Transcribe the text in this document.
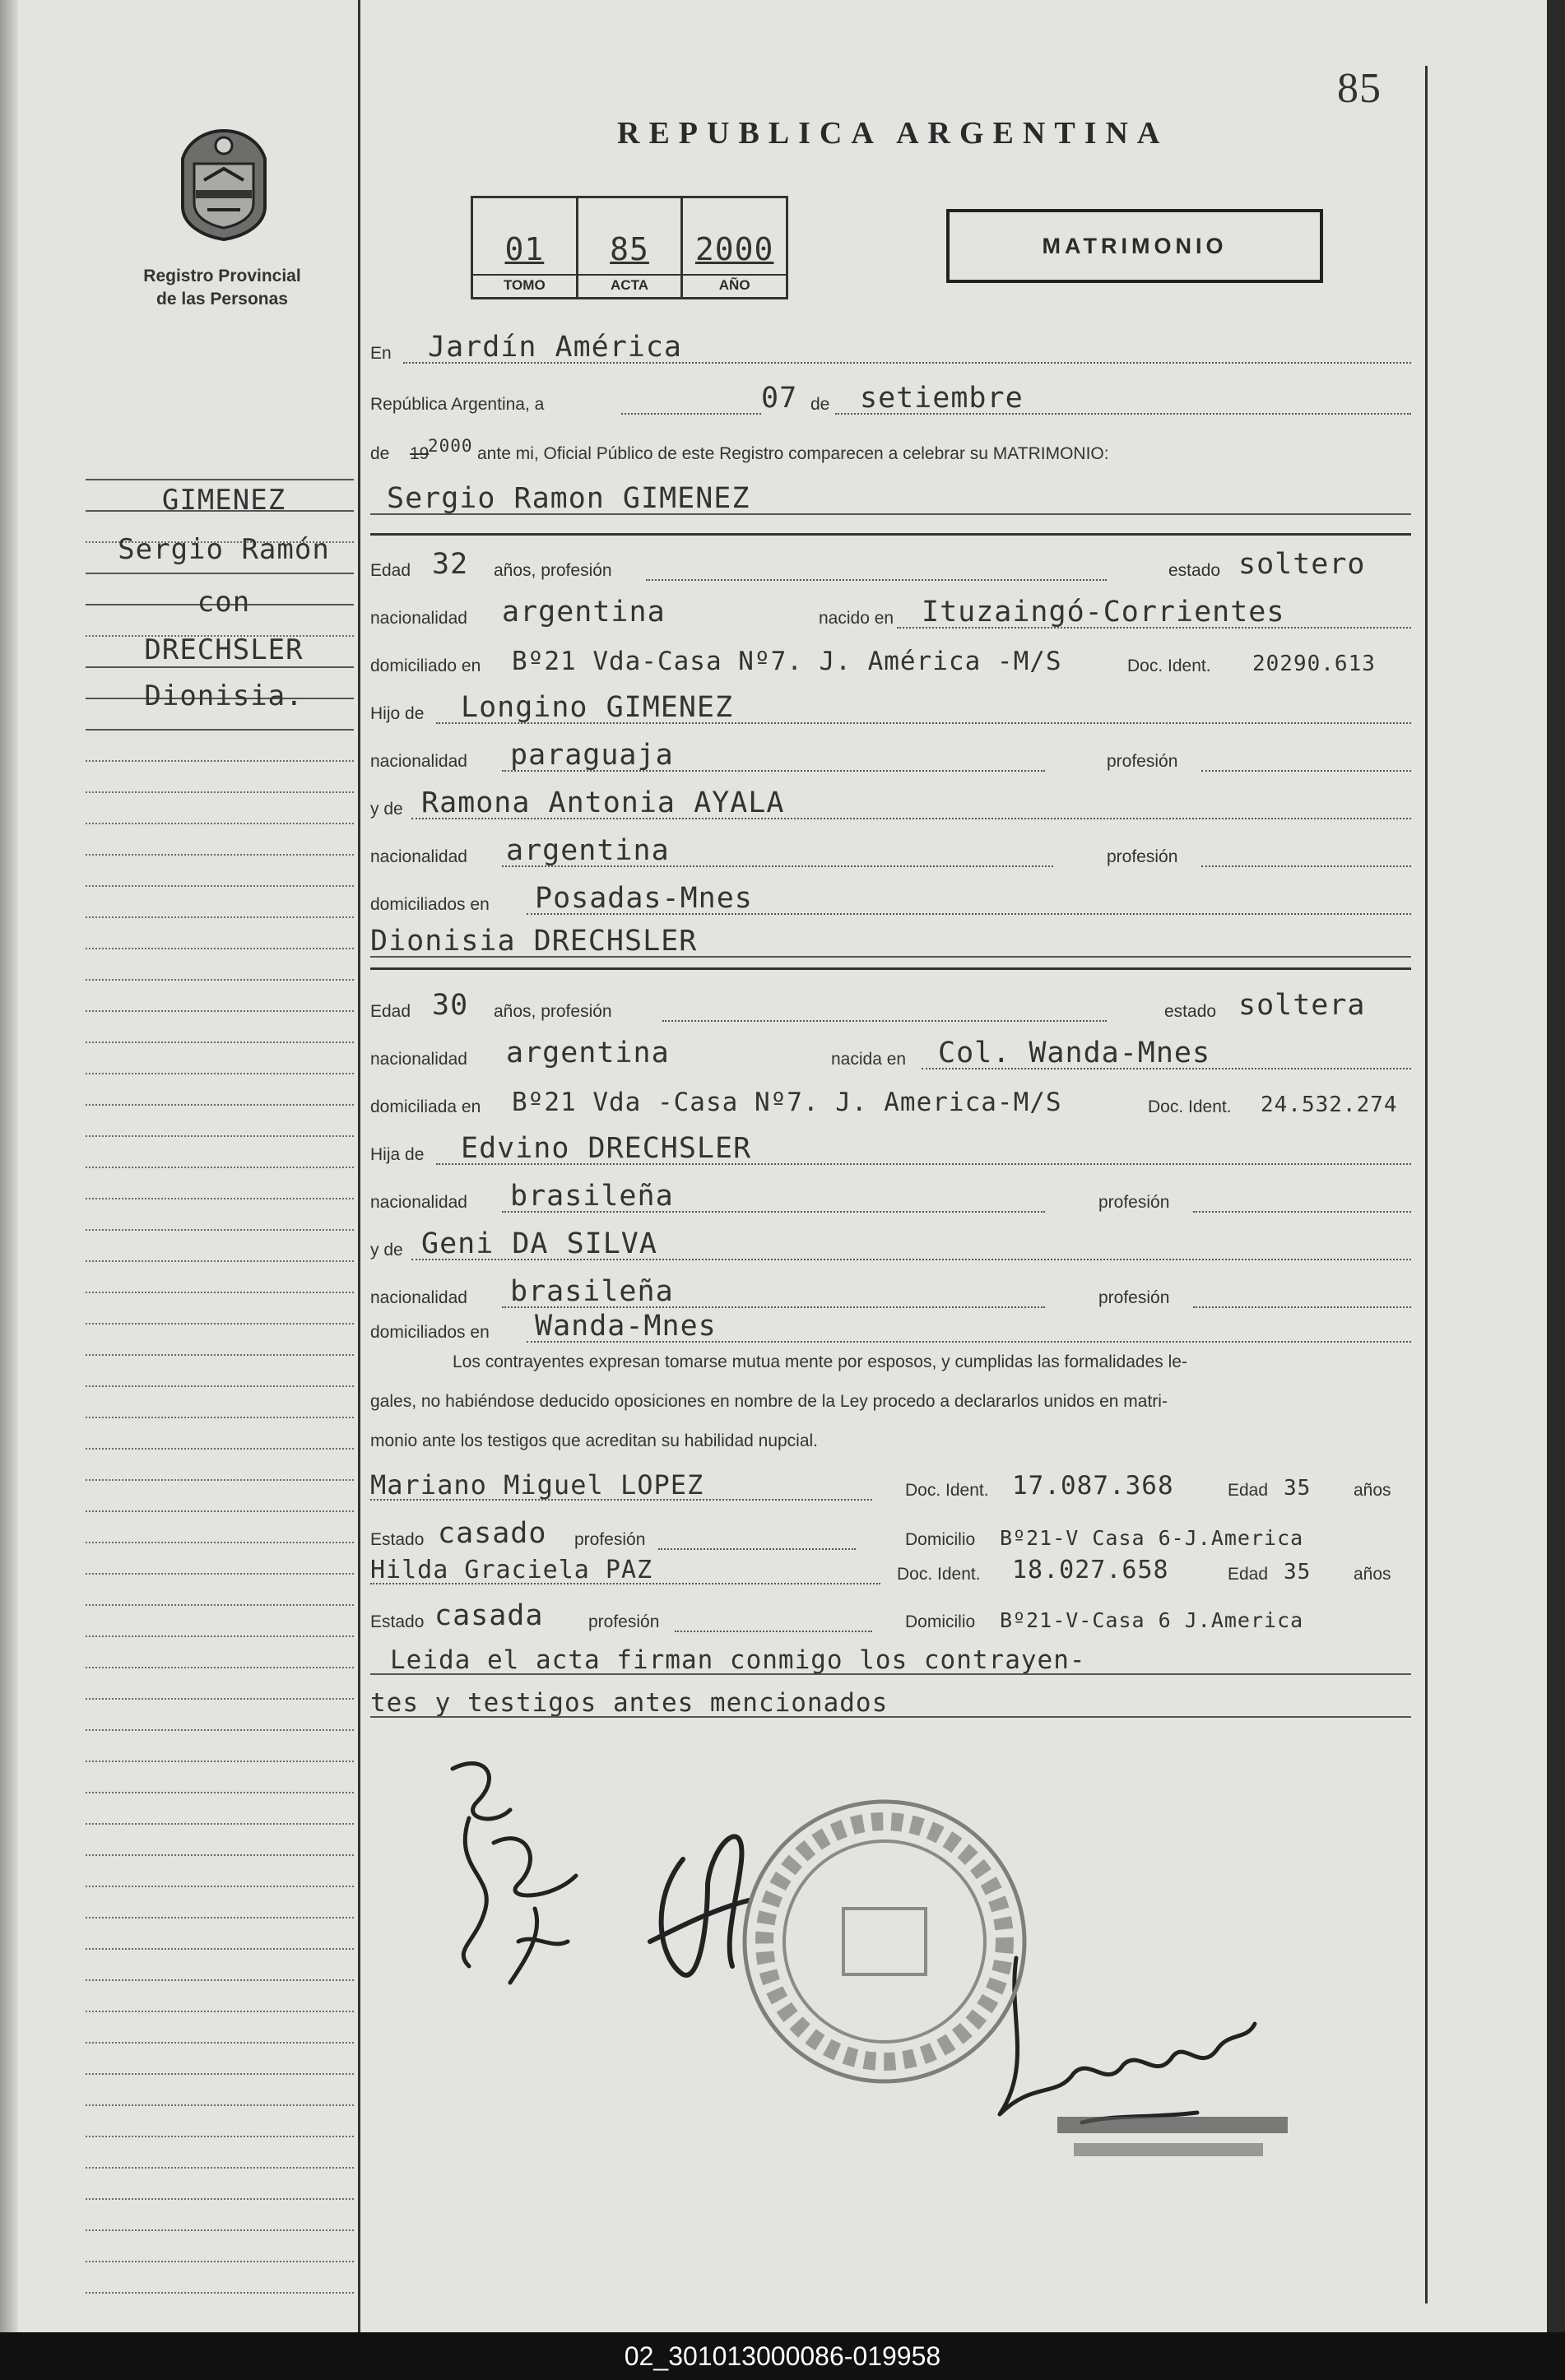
Registro Provincial
de las Personas
GIMENEZ
Sergio Ramón
con
DRECHSLER
Dionisia.
85
REPUBLICA ARGENTINA
01
TOMO
85
ACTA
2000
AÑO
MATRIMONIO
En Jardín América
República Argentina, a	07 de setiembre
de 19
2000 ante mi, Oficial Público de este Registro comparecen a celebrar su MATRIMONIO:
Sergio Ramon GIMENEZ
Edad 32 años, profesión	estado soltero
nacionalidad argentina	nacido en Ituzaingó-Corrientes
domiciliado en Bº21 Vda-Casa Nº7. J. América -M/S	Doc. Ident. 20290.613
Hijo de Longino GIMENEZ
nacionalidad paraguaja	profesión
y de Ramona Antonia AYALA
nacionalidad argentina	profesión
domiciliados en Posadas-Mnes
Dionisia DRECHSLER
Edad 30 años, profesión	estado soltera
nacionalidad argentina	nacida en Col. Wanda-Mnes
domiciliada en Bº21 Vda -Casa Nº7. J. America-M/S	Doc. Ident. 24.532.274
Hija de Edvino DRECHSLER
nacionalidad brasileña	profesión
y de Geni DA SILVA
nacionalidad brasileña	profesión
domiciliados en Wanda-Mnes
Los contrayentes expresan tomarse mutua mente por esposos, y cumplidas las formalidades le-
gales, no habiéndose deducido oposiciones en nombre de la Ley procedo a declararlos unidos en matri-
monio ante los testigos que acreditan su habilidad nupcial.
Mariano Miguel LOPEZ	Doc. Ident. 17.087.368	Edad 35 años
Estado casado profesión	Domicilio Bº21-V Casa 6-J.America
Hilda Graciela PAZ	Doc. Ident. 18.027.658	Edad 35 años
Estado casada	profesión	Domicilio Bº21-V-Casa 6 J.America
Leida el acta firman conmigo los contrayen-
tes y testigos antes mencionados
02_301013000086-019958
